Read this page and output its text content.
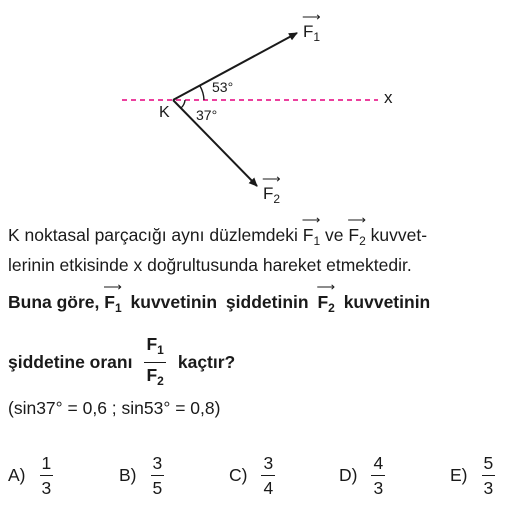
53°
37°
K
x
⟶
$F_1$
⟶
$F_2$
K noktasal parçacığı aynı düzlemdeki
⟶
$F_1$ ve
⟶
$F_2$ kuvvet-
lerinin etkisinde x doğrultusunda hareket etmektedir.
Buna göre,
⟶
$F_1$ kuvvetinin şiddetinin
⟶
$F_2$ kuvvetinin
şiddetine oranı $\frac{F_1}{F_2}$ kaçtır?
(sin37° = 0,6 ; sin53° = 0,8)
$A) \frac{1}{3}$	$B) \frac{3}{5}$	$C) \frac{3}{4}$	$D) \frac{4}{3}$	$E) \frac{5}{3}$
